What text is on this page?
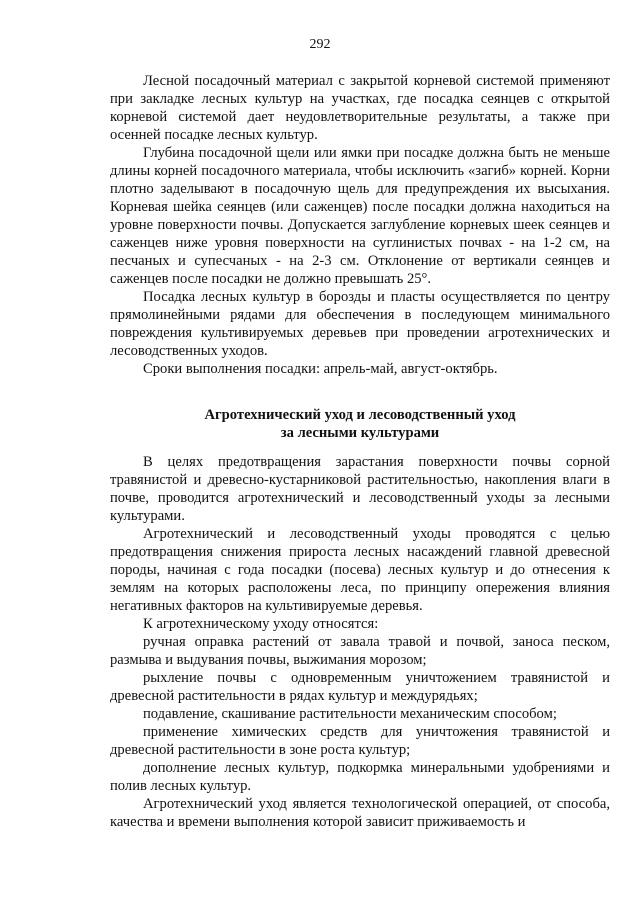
292

Лесной посадочный материал с закрытой корневой системой применяют при закладке лесных культур на участках, где посадка сеянцев с открытой корневой системой дает неудовлетворительные результаты, а также при осенней посадке лесных культур.

Глубина посадочной щели или ямки при посадке должна быть не меньше длины корней посадочного материала, чтобы исключить «загиб» корней. Корни плотно заделывают в посадочную щель для предупреждения их высыхания. Корневая шейка сеянцев (или саженцев) после посадки должна находиться на уровне поверхности почвы. Допускается заглубление корневых шеек сеянцев и саженцев ниже уровня поверхности на суглинистых почвах - на 1-2 см, на песчаных и супесчаных - на 2-3 см. Отклонение от вертикали сеянцев и саженцев после посадки не должно превышать 25°.

Посадка лесных культур в борозды и пласты осуществляется по центру прямолинейными рядами для обеспечения в последующем минимального повреждения культивируемых деревьев при проведении агротехнических и лесоводственных уходов.

Сроки выполнения посадки: апрель-май, август-октябрь.

Агротехнический уход и лесоводственный уход
за лесными культурами

В целях предотвращения зарастания поверхности почвы сорной травянистой и древесно-кустарниковой растительностью, накопления влаги в почве, проводится агротехнический и лесоводственный уходы за лесными культурами.

Агротехнический и лесоводственный уходы проводятся с целью предотвращения снижения прироста лесных насаждений главной древесной породы, начиная с года посадки (посева) лесных культур и до отнесения к землям на которых расположены леса, по принципу опережения влияния негативных факторов на культивируемые деревья.

К агротехническому уходу относятся:

ручная оправка растений от завала травой и почвой, заноса песком, размыва и выдувания почвы, выжимания морозом;

рыхление почвы с одновременным уничтожением травянистой и древесной растительности в рядах культур и междурядьях;

подавление, скашивание растительности механическим способом;

применение химических средств для уничтожения травянистой и древесной растительности в зоне роста культур;

дополнение лесных культур, подкормка минеральными удобрениями и полив лесных культур.

Агротехнический уход является технологической операцией, от способа, качества и времени выполнения которой зависит приживаемость и
